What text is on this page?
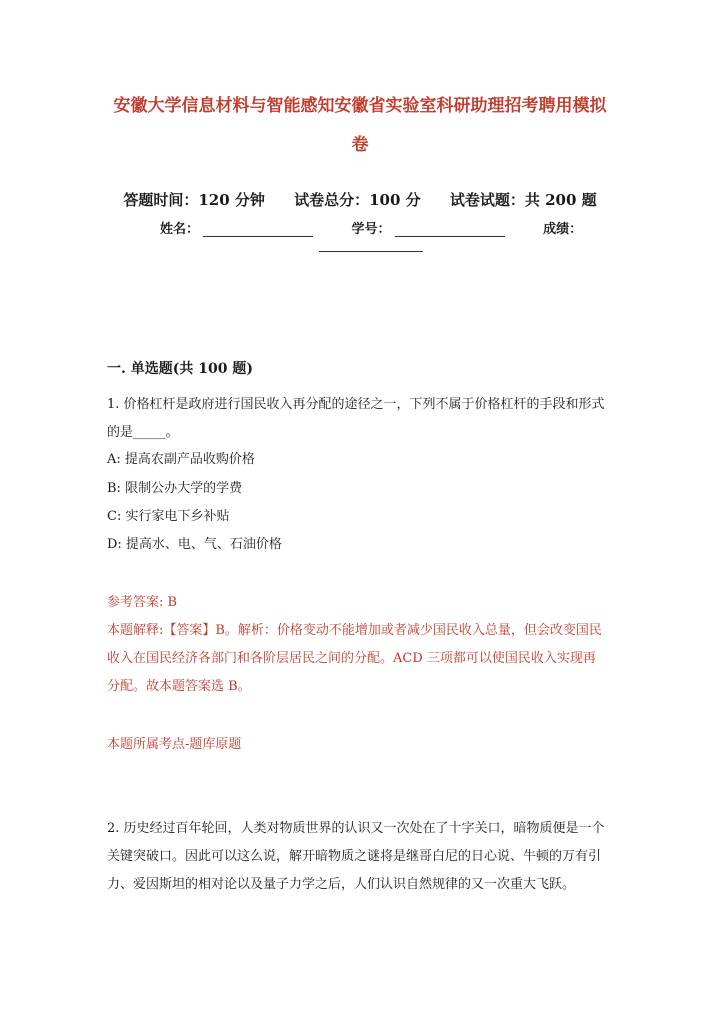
安徽大学信息材料与智能感知安徽省实验室科研助理招考聘用模拟
卷
答题时间：120 分钟 试卷总分：100 分 试卷试题：共 200 题
姓名：	学号：	成绩：
一. 单选题(共 100 题)
1. 价格杠杆是政府进行国民收入再分配的途径之一，下列不属于价格杠杆的手段和形式的是_____。
A: 提高农副产品收购价格
B: 限制公办大学的学费
C: 实行家电下乡补贴
D: 提高水、电、气、石油价格
参考答案: B
本题解释:【答案】B。解析：价格变动不能增加或者减少国民收入总量，但会改变国民收入在国民经济各部门和各阶层居民之间的分配。ACD 三项都可以使国民收入实现再分配。故本题答案选 B。
本题所属考点-题库原题
2. 历史经过百年轮回，人类对物质世界的认识又一次处在了十字关口，暗物质便是一个关键突破口。因此可以这么说，解开暗物质之谜将是继哥白尼的日心说、牛顿的万有引力、爱因斯坦的相对论以及量子力学之后，人们认识自然规律的又一次重大飞跃。
